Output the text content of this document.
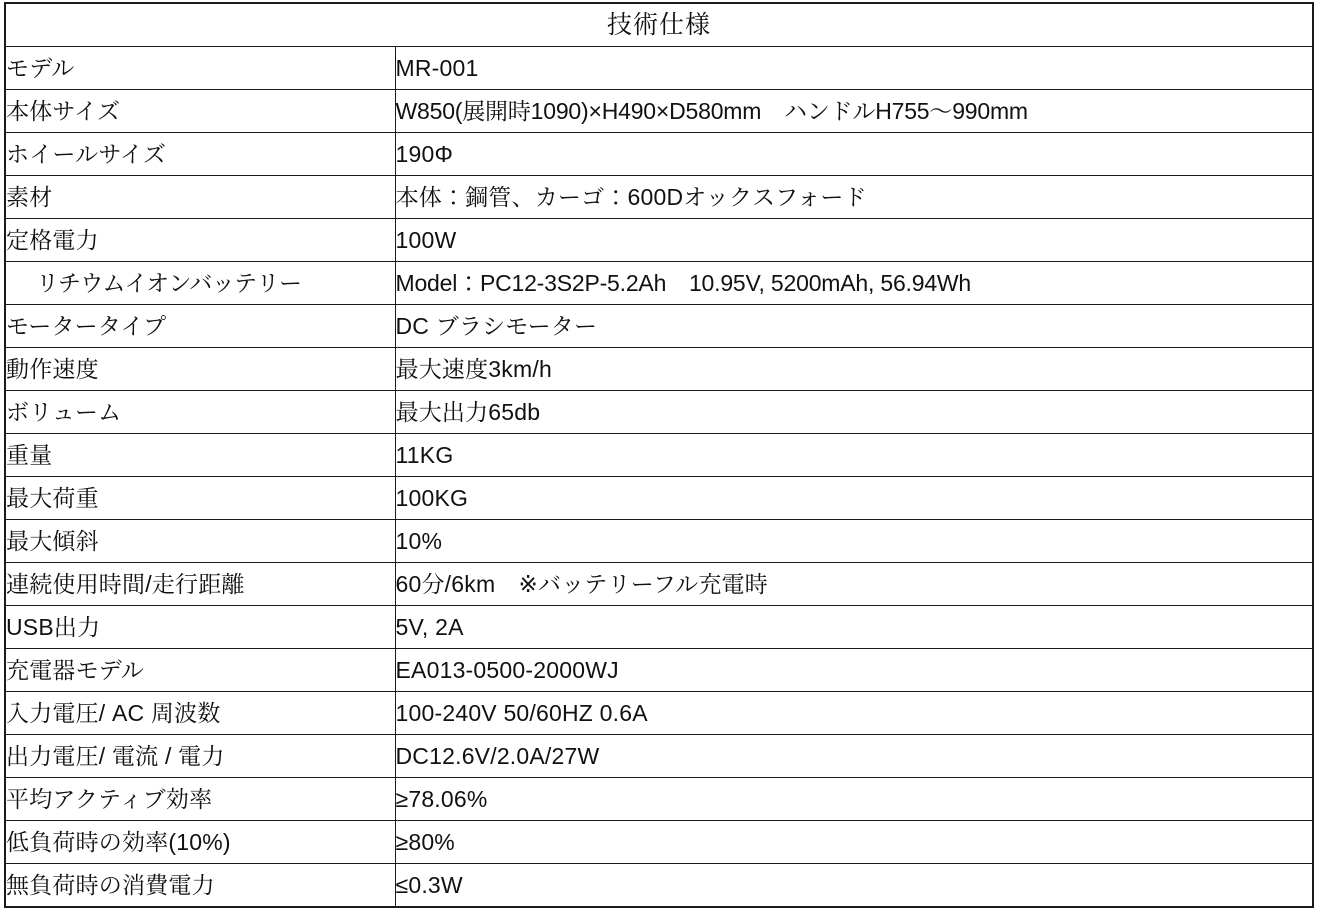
技術仕様	
モデル	MR-001
本体サイズ	W850(展開時1090)×H490×D580mm　ハンドルH755〜990mm
ホイールサイズ	190Φ
素材	本体：鋼管、カーゴ：600Dオックスフォード
定格電力	100W
リチウムイオンバッテリー	Model：PC12-3S2P-5.2Ah　10.95V, 5200mAh, 56.94Wh
モータータイプ	DC ブラシモーター
動作速度	最大速度3km/h
ボリューム	最大出力65db
重量	11KG
最大荷重	100KG
最大傾斜	10%
連続使用時間/走行距離	60分/6km　※バッテリーフル充電時
USB出力	5V, 2A
充電器モデル	EA013-0500-2000WJ
入力電圧/ AC 周波数	100-240V 50/60HZ 0.6A
出力電圧/ 電流 / 電力	DC12.6V/2.0A/27W
平均アクティブ効率	≥78.06%
低負荷時の効率(10%)	≥80%
無負荷時の消費電力	≤0.3W
